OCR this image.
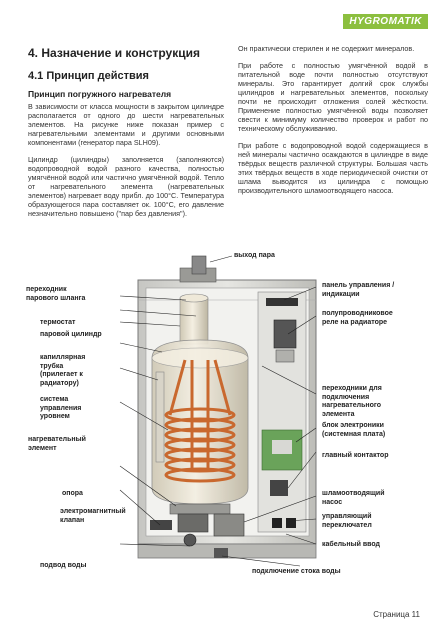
HYGROMATIK
4. Назначение и конструкция
4.1 Принцип действия
Принцип погружного нагревателя

В зависимости от класса мощности в закрытом цилиндре располагается от одного до шести нагревательных элементов. На рисунке ниже показан пример с нагревательными элементами и другими основными компонентами (генератор пара SLH09).

Цилиндр (цилиндры) заполняется (заполняются) водопроводной водой разного качества, полностью умягчённой водой или частично умягчённой водой. Тепло от нагревательного элемента (нагревательных элементов) нагревает воду прибл. до 100°C. Температура образующегося пара составляет ок. 100°C, его давление незначительно повышено ("пар без давления").

Он практически стерилен и не содержит минералов.

При работе с полностью умягчённой водой в питательной воде почти полностью отсутствуют минералы. Это гарантирует долгий срок службы цилиндров и нагревательных элементов, поскольку почти не происходит отложения солей жёсткости. Применение полностью умягчённой воды позволяет свести к минимуму количество проверок и работ по техническому обслуживанию.

При работе с водопроводной водой содержащиеся в ней минералы частично осаждаются в цилиндре в виде твёрдых веществ различной структуры. Большая часть этих твёрдых веществ в ходе периодической очистки от шлама выводится из цилиндра с помощью производительного шламоотводящего насоса.

выход пара
переходник
парового шланга
термостат
паровой цилиндр
капиллярная
трубка
(прилегает к
радиатору)
система
управления
уровнем
нагревательный
элемент
опора
электромагнитный
клапан
подвод воды
панель управления /
индикации
полупроводниковое
реле на радиаторе
переходники для
подключения
нагревательного
элемента
блок электроники
(системная плата)
главный контактор
шламоотводящий
насос
управляющий
переключател
кабельный ввод
подключение стока воды
Страница 11
